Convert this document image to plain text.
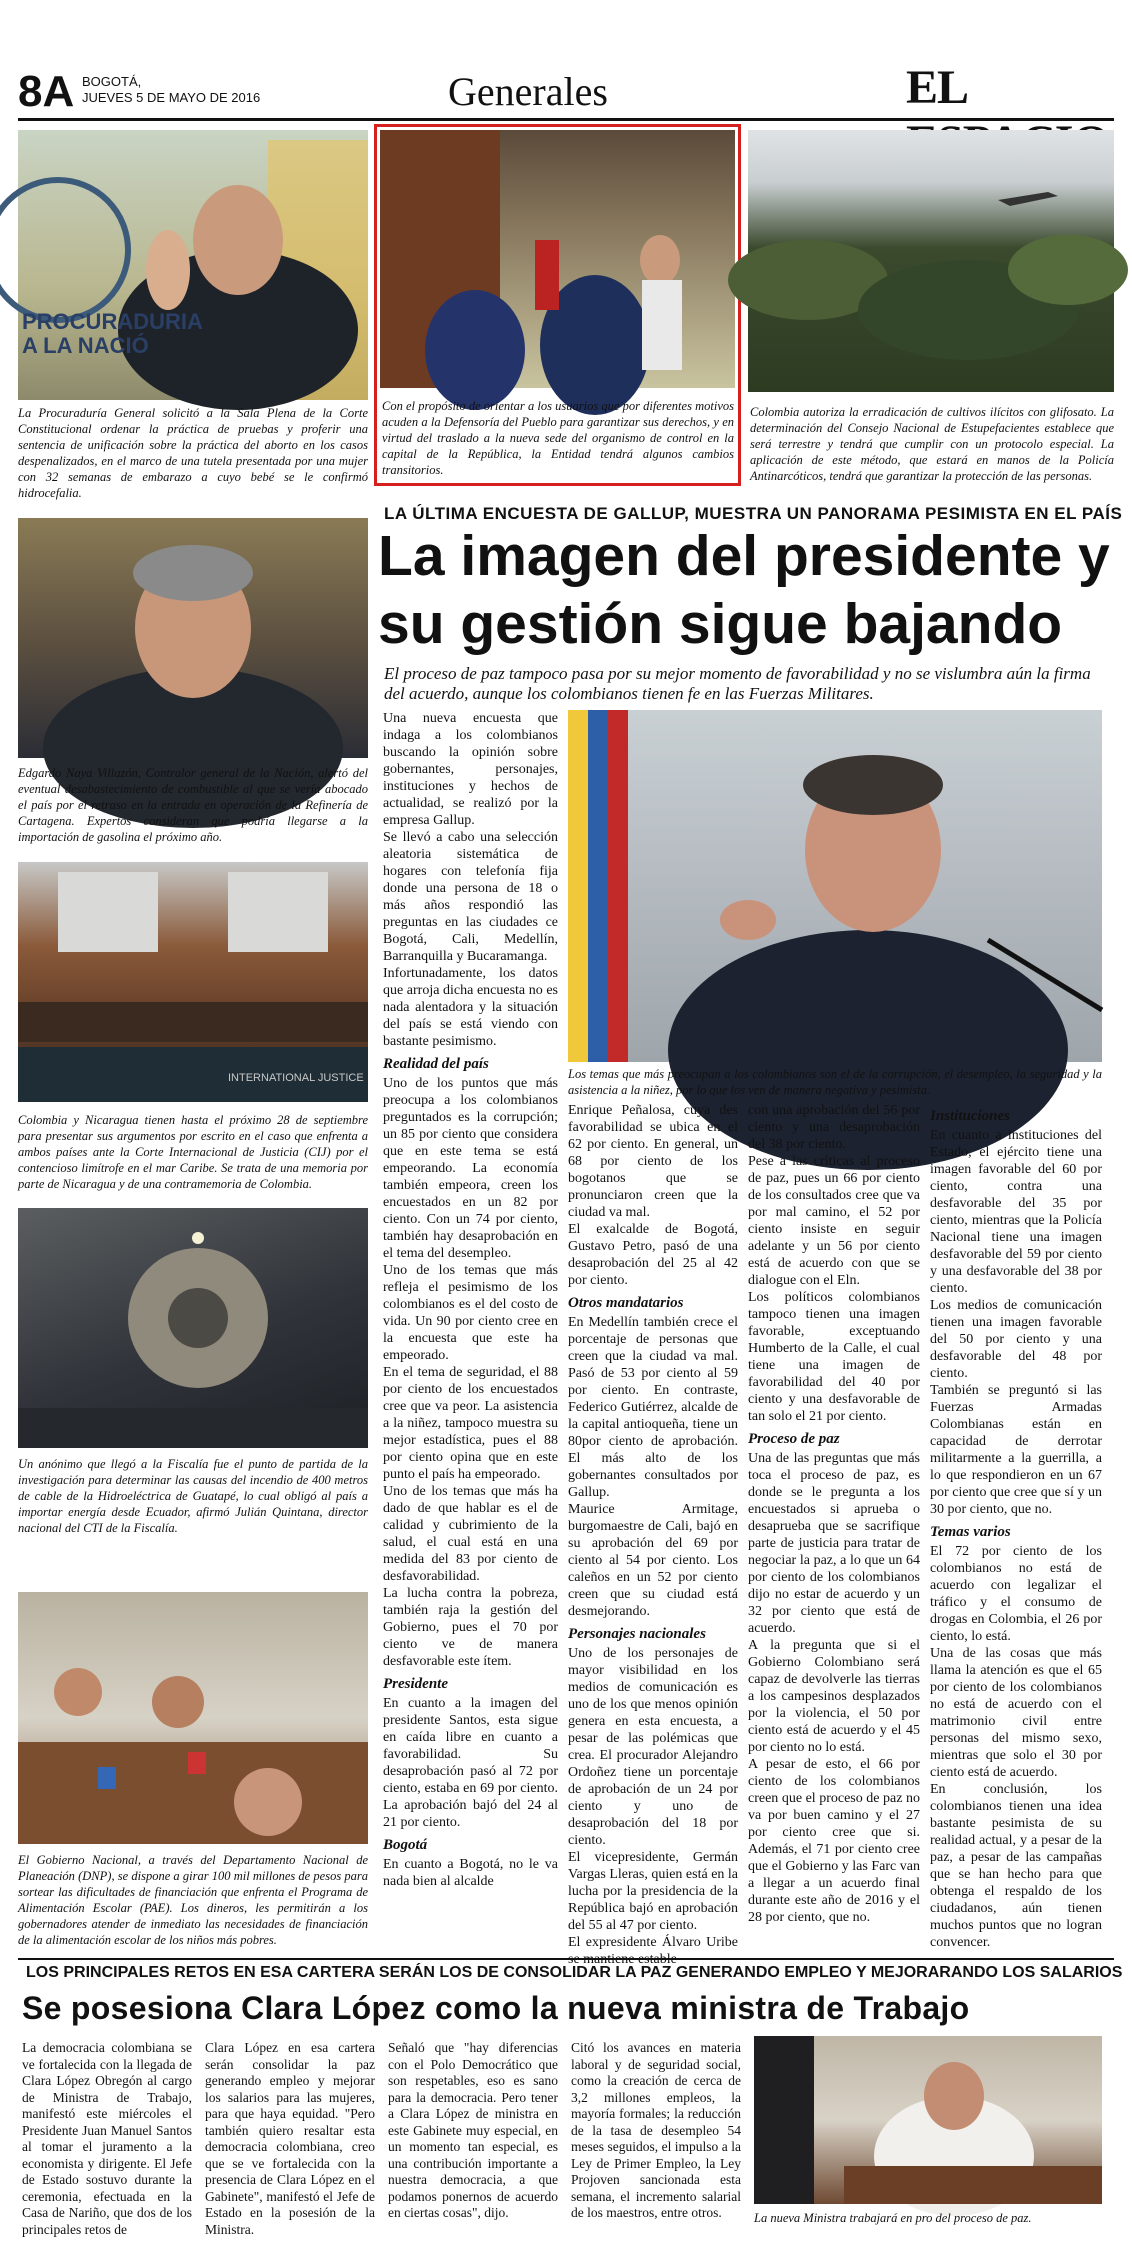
8A BOGOTÁ,
JUEVES 5 DE MAYO DE 2016	Generales	EL
PROCURADURIA
A LA NACIÓ
La Procuraduría General solicitó a la Sala Plena de la Corte Constitucional ordenar la práctica de pruebas y proferir una sentencia de unificación sobre la práctica del aborto en los casos despenalizados, en el marco de una tutela presentada por una mujer con 32 semanas de embarazo a cuyo bebé se le confirmó hidrocefalia.
Con el propósito de orientar a los usuarios que por diferentes motivos acuden a la Defensoría del Pueblo para garantizar sus derechos, y en virtud del traslado a la nueva sede del organismo de control en la capital de la República, la Entidad tendrá algunos cambios transitorios.
Colombia autoriza la erradicación de cultivos ilícitos con glifosato. La determinación del Consejo Nacional de Estupefacientes establece que será terrestre y tendrá que cumplir con un protocolo especial. La aplicación de este método, que estará en manos de la Policía Antinarcóticos, tendrá que garantizar la protección de las personas.
Edgardo Naya Villazón, Contralor general de la Nación, alertó del eventual desabastecimiento de combustible al que se vería abocado el país por el retraso en la entrada en operación de la Refinería de Cartagena. Expertos consideran que podría llegarse a la importación de gasolina el próximo año.
INTERNATIONAL JUSTICE
Colombia y Nicaragua tienen hasta el próximo 28 de septiembre para presentar sus argumentos por escrito en el caso que enfrenta a ambos países ante la Corte Internacional de Justicia (CIJ) por el contencioso limítrofe en el mar Caribe. Se trata de una memoria por parte de Nicaragua y de una contramemoria de Colombia.
Un anónimo que llegó a la Fiscalía fue el punto de partida de la investigación para determinar las causas del incendio de 400 metros de cable de la Hidroeléctrica de Guatapé, lo cual obligó al país a importar energía desde Ecuador, afirmó Julián Quintana, director nacional del CTI de la Fiscalía.
El Gobierno Nacional, a través del Departamento Nacional de Planeación (DNP), se dispone a girar 100 mil millones de pesos para sortear las dificultades de financiación que enfrenta el Programa de Alimentación Escolar (PAE). Los dineros, les permitirán a los gobernadores atender de inmediato las necesidades de financiación de la alimentación escolar de los niños más pobres.
LA ÚLTIMA ENCUESTA DE GALLUP, MUESTRA UN PANORAMA PESIMISTA EN EL PAÍS
La imagen del presidente y
su gestión sigue bajando
El proceso de paz tampoco pasa por su mejor momento de favorabilidad y no se vislumbra aún la firma del acuerdo, aunque los colombianos tienen fe en las Fuerzas Militares.
Los temas que más preocupan a los colombianos son el de la corrupción, el desempleo, la seguridad y la asistencia a la niñez, por lo que los ven de manera negativa y pesimista.

Una nueva encuesta que indaga a los colombianos buscando la opinión sobre gobernantes, personajes, instituciones y hechos de actualidad, se realizó por la empresa Gallup.

Se llevó a cabo una selección aleatoria sistemática de hogares con telefonía fija donde una persona de 18 o más años respondió las preguntas en las ciudades ce Bogotá, Cali, Medellín, Barranquilla y Bucaramanga.

Infortunadamente, los datos que arroja dicha encuesta no es nada alentadora y la situación del país se está viendo con bastante pesimismo.

Realidad del país

Uno de los puntos que más preocupa a los colombianos preguntados es la corrupción; un 85 por ciento que considera que en este tema se está empeorando. La economía también empeora, creen los encuestados en un 82 por ciento. Con un 74 por ciento, también hay desaprobación en el tema del desempleo.

Uno de los temas que más refleja el pesimismo de los colombianos es el del costo de vida. Un 90 por ciento cree en la encuesta que este ha empeorado.

En el tema de seguridad, el 88 por ciento de los encuestados cree que va peor. La asistencia a la niñez, tampoco muestra su mejor estadística, pues el 88 por ciento opina que en este punto el país ha empeorado.

Uno de los temas que más ha dado de que hablar es el de calidad y cubrimiento de la salud, el cual está en una medida del 83 por ciento de desfavorabilidad.

La lucha contra la pobreza, también raja la gestión del Gobierno, pues el 70 por ciento ve de manera desfavorable este ítem.

Presidente

En cuanto a la imagen del presidente Santos, esta sigue en caída libre en cuanto a favorabilidad. Su desaprobación pasó al 72 por ciento, estaba en 69 por ciento. La aprobación bajó del 24 al 21 por ciento.

Bogotá

En cuanto a Bogotá, no le va nada bien al alcalde

Enrique Peñalosa, cuya des favorabilidad se ubica en el 62 por ciento. En general, un 68 por ciento de los bogotanos que se pronunciaron creen que la ciudad va mal.

El exalcalde de Bogotá, Gustavo Petro, pasó de una desaprobación del 25 al 42 por ciento.

Otros mandatarios

En Medellín también crece el porcentaje de personas que creen que la ciudad va mal. Pasó de 53 por ciento al 59 por ciento. En contraste, Federico Gutiérrez, alcalde de la capital antioqueña, tiene un 80por ciento de aprobación. El más alto de los gobernantes consultados por Gallup.

Maurice Armitage, burgomaestre de Cali, bajó en su aprobación del 69 por ciento al 54 por ciento. Los caleños en un 52 por ciento creen que su ciudad está desmejorando.

Personajes nacionales

Uno de los personajes de mayor visibilidad en los medios de comunicación es uno de los que menos opinión genera en esta encuesta, a pesar de las polémicas que crea. El procurador Alejandro Ordoñez tiene un porcentaje de aprobación de un 24 por ciento y uno de desaprobación del 18 por ciento.

El vicepresidente, Germán Vargas Lleras, quien está en la lucha por la presidencia de la República bajó en aprobación del 55 al 47 por ciento.

El expresidente Álvaro Uribe

con una aprobación del 56 por ciento y una desaprobación del 38 por ciento.

Pese a las críticas al proceso de paz, pues un 66 por ciento de los consultados cree que va por mal camino, el 52 por ciento insiste en seguir adelante y un 56 por ciento está de acuerdo con que se dialogue con el Eln.

Los políticos colombianos tampoco tienen una imagen favorable, exceptuando Humberto de la Calle, el cual tiene una imagen de favorabilidad del 40 por ciento y una desfavorable de tan solo el 21 por ciento.

Proceso de paz

Una de las preguntas que más toca el proceso de paz, es donde se le pregunta a los encuestados si aprueba o desaprueba que se sacrifique parte de justicia para tratar de negociar la paz, a lo que un 64 por ciento de los colombianos dijo no estar de acuerdo y un 32 por ciento que está de acuerdo.

A la pregunta que si el Gobierno Colombiano será capaz de devolverle las tierras a los campesinos desplazados por la violencia, el 50 por ciento está de acuerdo y el 45 por ciento no lo está.

A pesar de esto, el 66 por ciento de los colombianos creen que el proceso de paz no va por buen camino y el 27 por ciento cree que si. Además, el 71 por ciento cree que el Gobierno y las Farc van a llegar a un acuerdo final durante este año de 2016 y el 28 por ciento, que no.

Instituciones

En cuanto a instituciones del Estado, el ejército tiene una imagen favorable del 60 por ciento, contra una desfavorable del 35 por ciento, mientras que la Policía Nacional tiene una imagen desfavorable del 59 por ciento y una desfavorable del 38 por ciento.

Los medios de comunicación tienen una imagen favorable del 50 por ciento y una desfavorable del 48 por ciento.

También se preguntó si las Fuerzas Armadas Colombianas están en capacidad de derrotar militarmente a la guerrilla, a lo que respondieron en un 67 por ciento que cree que sí y un 30 por ciento, que no.

Temas varios

El 72 por ciento de los colombianos no está de acuerdo con legalizar el tráfico y el consumo de drogas en Colombia, el 26 por ciento, lo está.

Una de las cosas que más llama la atención es que el 65 por ciento de los colombianos no está de acuerdo con el matrimonio civil entre personas del mismo sexo, mientras que solo el 30 por ciento está de acuerdo.

En conclusión, los colombianos tienen una idea bastante pesimista de su realidad actual, y a pesar de la paz, a pesar de las campañas que se han hecho para que obtenga el respaldo de los ciudadanos, aún tienen muchos puntos que no logran convencer.

LOS PRINCIPALES RETOS EN ESA CARTERA SERÁN LOS DE CONSOLIDAR LA PAZ GENERANDO EMPLEO Y MEJORARANDO LOS SALARIOS
Se posesiona Clara López como la nueva ministra de Trabajo

La democracia colombiana se ve fortalecida con la llegada de Clara López Obregón al cargo de Ministra de Trabajo, manifestó este miércoles el Presidente Juan Manuel Santos al tomar el juramento a la economista y dirigente. El Jefe de Estado sostuvo durante la ceremonia, efectuada en la Casa de Nariño, que dos de los principales retos de

Clara López en esa cartera serán consolidar la paz generando empleo y mejorar los salarios para las mujeres, para que haya equidad. "Pero también quiero resaltar esta democracia colombiana, creo que se ve fortalecida con la presencia de Clara López en el Gabinete", manifestó el Jefe de Estado en la posesión de la Ministra.

Señaló que "hay diferencias con el Polo Democrático que son respetables, eso es sano para la democracia. Pero tener a Clara López de ministra en este Gabinete muy especial, en un momento tan especial, es una contribución importante a nuestra democracia, a que podamos ponernos de acuerdo en ciertas cosas", dijo.

Citó los avances en materia laboral y de seguridad social, como la creación de cerca de 3,2 millones empleos, la mayoría formales; la reducción de la tasa de desempleo 54 meses seguidos, el impulso a la Ley de Primer Empleo, la Ley Projoven sancionada esta semana, el incremento salarial de los maestros, entre otros.	La nueva Ministra trabajará en pro del proceso de paz.
